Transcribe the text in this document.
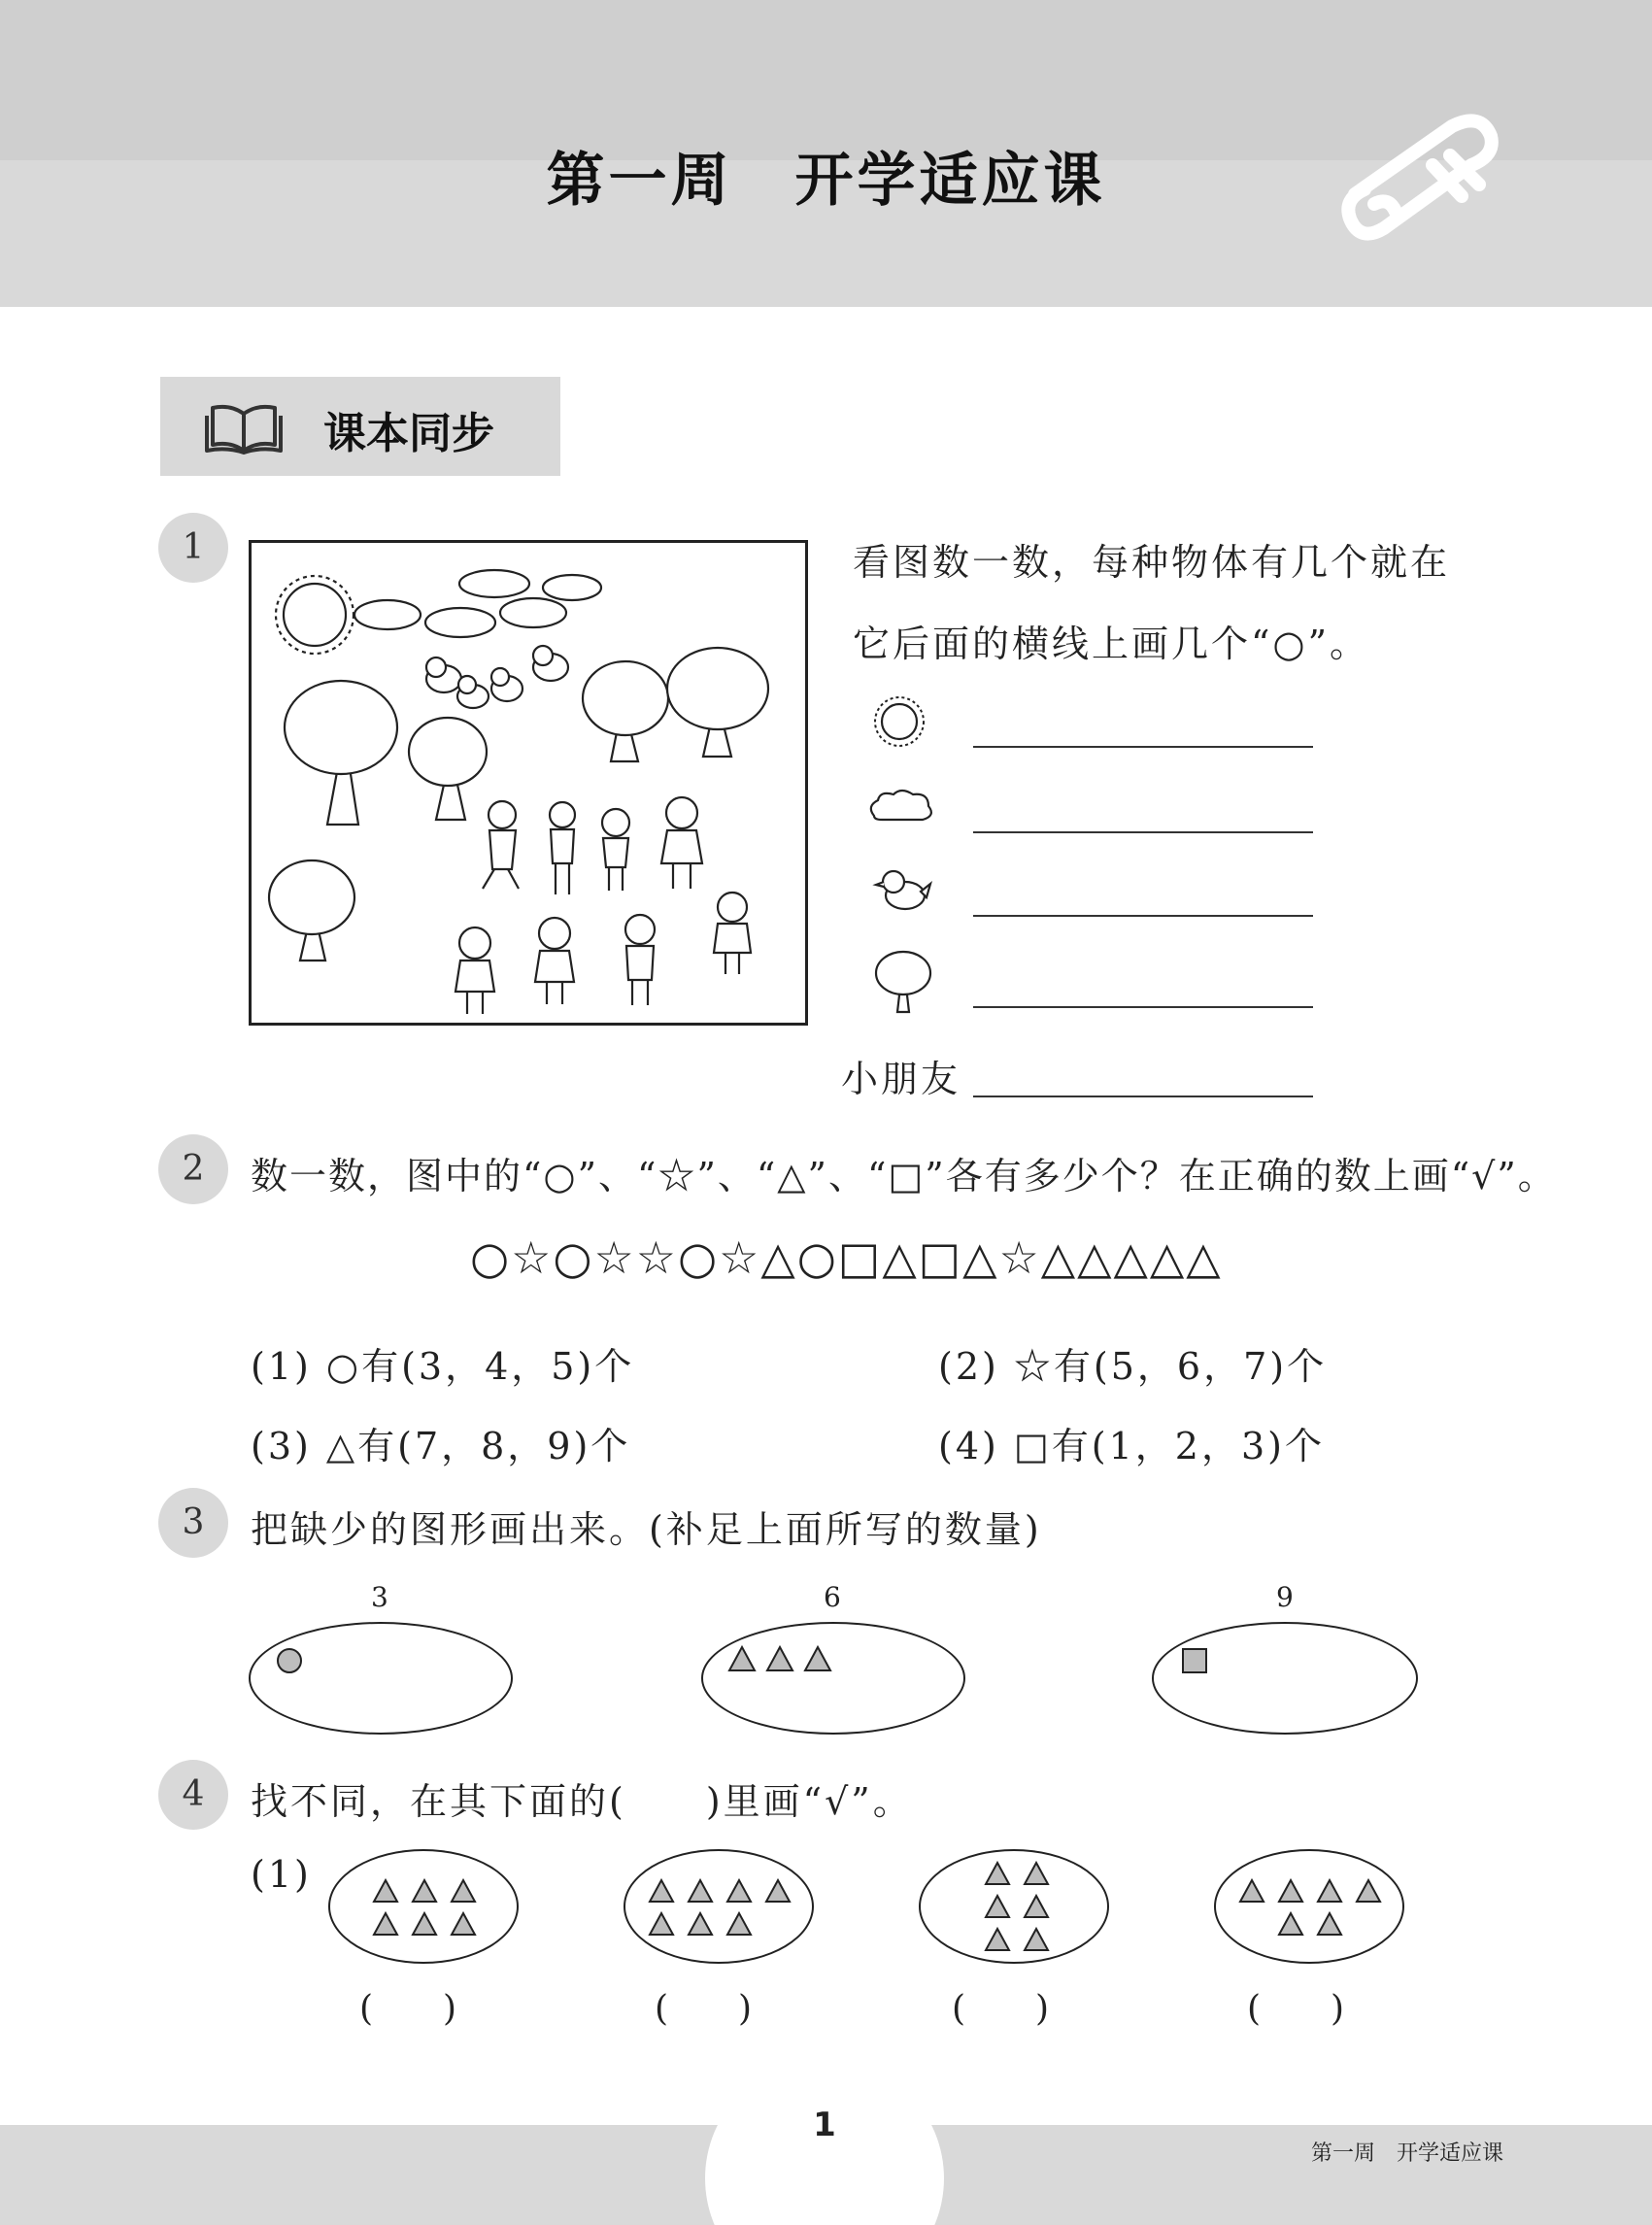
第一周　开学适应课
课本同步
1	看图数一数，每种物体有几个就在
它后面的横线上画几个“○”。
小朋友
2	数一数，图中的“○”、“☆”、“△”、“□”各有多少个？在正确的数上画“√”。
○☆○☆☆○☆△○□△□△☆△△△△△
(1) ○有(3，4，5)个	(2) ☆有(5，6，7)个
(3) △有(7，8，9)个	(4) □有(1，2，3)个
3	把缺少的图形画出来。(补足上面所写的数量)
3	6	9
4	找不同，在其下面的(　　)里画“√”。
(1)
(　　)	(　　)	(　　)	(　　)
1
第一周　开学适应课
